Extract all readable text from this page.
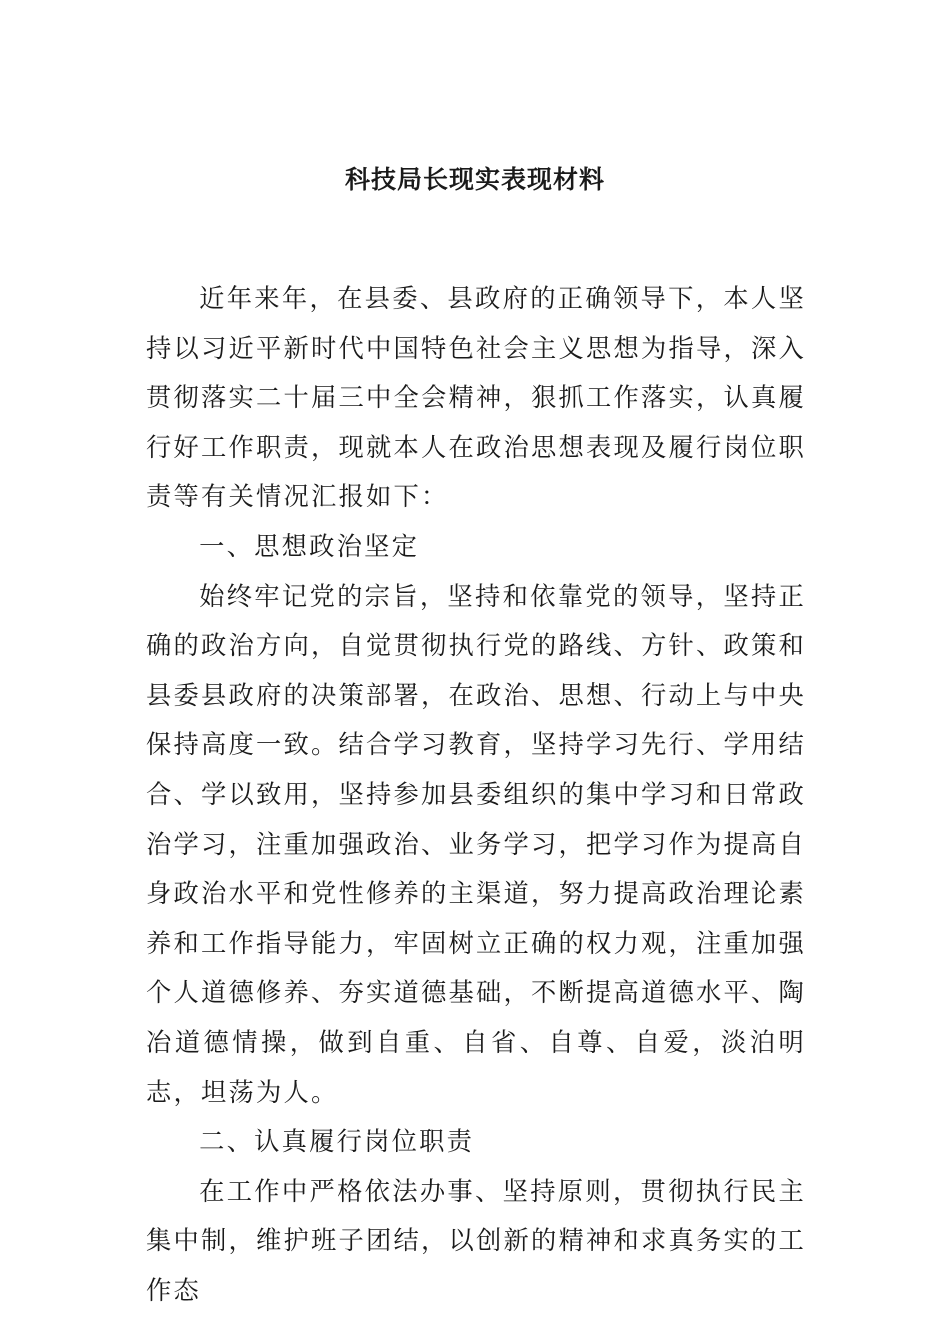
科技局长现实表现材料

近年来年，在县委、县政府的正确领导下，本人坚持以习近平新时代中国特色社会主义思想为指导，深入贯彻落实二十届三中全会精神，狠抓工作落实，认真履行好工作职责，现就本人在政治思想表现及履行岗位职责等有关情况汇报如下：

一、思想政治坚定

始终牢记党的宗旨，坚持和依靠党的领导，坚持正确的政治方向，自觉贯彻执行党的路线、方针、政策和县委县政府的决策部署，在政治、思想、行动上与中央保持高度一致。结合学习教育，坚持学习先行、学用结合、学以致用，坚持参加县委组织的集中学习和日常政治学习，注重加强政治、业务学习，把学习作为提高自身政治水平和党性修养的主渠道，努力提高政治理论素养和工作指导能力，牢固树立正确的权力观，注重加强个人道德修养、夯实道德基础，不断提高道德水平、陶冶道德情操，做到自重、自省、自尊、自爱，淡泊明志，坦荡为人。

二、认真履行岗位职责

在工作中严格依法办事、坚持原则，贯彻执行民主集中制，维护班子团结，以创新的精神和求真务实的工作态
